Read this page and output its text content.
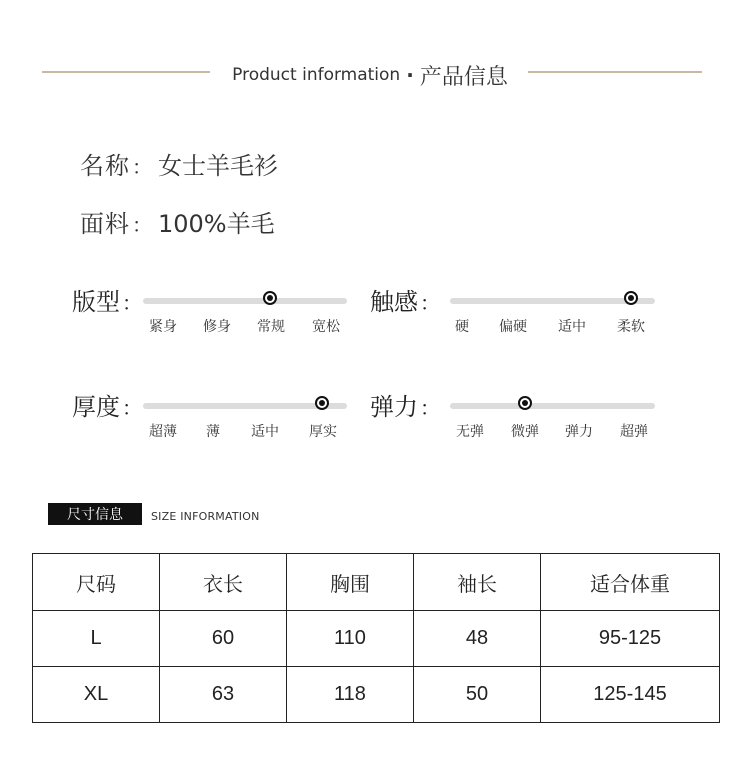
Product information · 产品信息
名称 ： 女士羊毛衫
面料 ： 100%羊毛
版型 ：
紧身 修身 常规 宽松
触感 ：
硬 偏硬 适中 柔软
厚度 ：
超薄 薄 适中 厚实
弹力 ：
无弹 微弹 弹力 超弹
尺寸信息	SIZE INFORMATION
尺码	衣长	胸围	袖长	适合体重
L	60	110	48	95-125
XL	63	118	50	125-145
